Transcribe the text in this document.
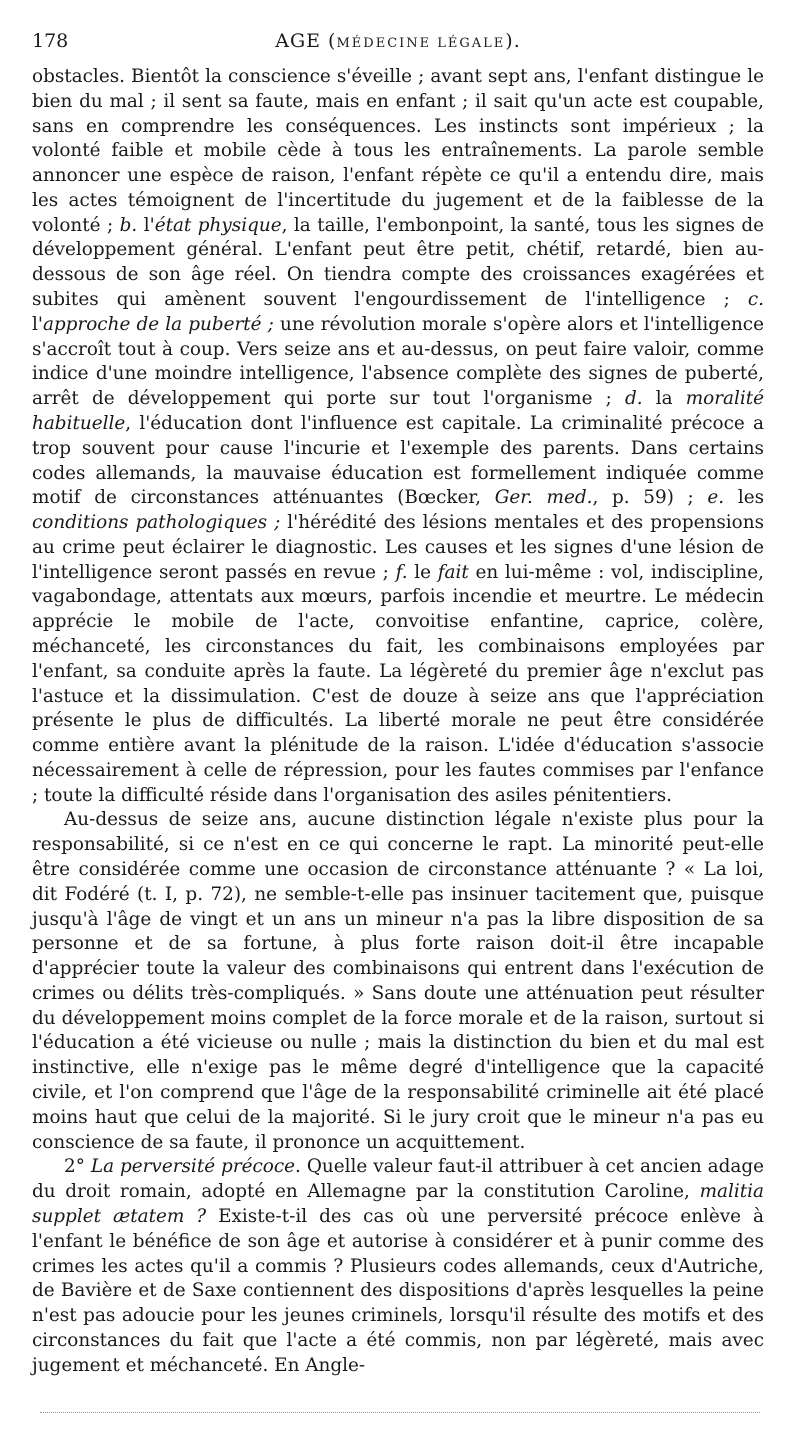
178	AGE (MÉDECINE LÉGALE).

obstacles. Bientôt la conscience s'éveille ; avant sept ans, l'enfant distingue le bien du mal ; il sent sa faute, mais en enfant ; il sait qu'un acte est coupable, sans en comprendre les conséquences. Les instincts sont impérieux ; la volonté faible et mobile cède à tous les entraînements. La parole semble annoncer une espèce de raison, l'enfant répète ce qu'il a entendu dire, mais les actes témoignent de l'incertitude du jugement et de la faiblesse de la volonté ; b. l'état physique, la taille, l'embonpoint, la santé, tous les signes de développement général. L'enfant peut être petit, chétif, retardé, bien au-dessous de son âge réel. On tiendra compte des croissances exagérées et subites qui amènent souvent l'engourdissement de l'intelligence ; c. l'approche de la puberté ; une révolution morale s'opère alors et l'intelligence s'accroît tout à coup. Vers seize ans et au-dessus, on peut faire valoir, comme indice d'une moindre intelligence, l'absence complète des signes de puberté, arrêt de développement qui porte sur tout l'organisme ; d. la moralité habituelle, l'éducation dont l'influence est capitale. La criminalité précoce a trop souvent pour cause l'incurie et l'exemple des parents. Dans certains codes allemands, la mauvaise éducation est formellement indiquée comme motif de circonstances atténuantes (Bœcker, Ger. med., p. 59) ; e. les conditions pathologiques ; l'hérédité des lésions mentales et des propensions au crime peut éclairer le diagnostic. Les causes et les signes d'une lésion de l'intelligence seront passés en revue ; f. le fait en lui-même : vol, indiscipline, vagabondage, attentats aux mœurs, parfois incendie et meurtre. Le médecin apprécie le mobile de l'acte, convoitise enfantine, caprice, colère, méchanceté, les circonstances du fait, les combinaisons employées par l'enfant, sa conduite après la faute. La légèreté du premier âge n'exclut pas l'astuce et la dissimulation. C'est de douze à seize ans que l'appréciation présente le plus de difficultés. La liberté morale ne peut être considérée comme entière avant la plénitude de la raison. L'idée d'éducation s'associe nécessairement à celle de répression, pour les fautes commises par l'enfance ; toute la difficulté réside dans l'organisation des asiles pénitentiers.

Au-dessus de seize ans, aucune distinction légale n'existe plus pour la responsabilité, si ce n'est en ce qui concerne le rapt. La minorité peut-elle être considérée comme une occasion de circonstance atténuante ? « La loi, dit Fodéré (t. I, p. 72), ne semble-t-elle pas insinuer tacitement que, puisque jusqu'à l'âge de vingt et un ans un mineur n'a pas la libre disposition de sa personne et de sa fortune, à plus forte raison doit-il être incapable d'apprécier toute la valeur des combinaisons qui entrent dans l'exécution de crimes ou délits très-compliqués. » Sans doute une atténuation peut résulter du développement moins complet de la force morale et de la raison, surtout si l'éducation a été vicieuse ou nulle ; mais la distinction du bien et du mal est instinctive, elle n'exige pas le même degré d'intelligence que la capacité civile, et l'on comprend que l'âge de la responsabilité criminelle ait été placé moins haut que celui de la majorité. Si le jury croit que le mineur n'a pas eu conscience de sa faute, il prononce un acquittement.

2° La perversité précoce. Quelle valeur faut-il attribuer à cet ancien adage du droit romain, adopté en Allemagne par la constitution Caroline, malitia supplet ætatem ? Existe-t-il des cas où une perversité précoce enlève à l'enfant le bénéfice de son âge et autorise à considérer et à punir comme des crimes les actes qu'il a commis ? Plusieurs codes allemands, ceux d'Autriche, de Bavière et de Saxe contiennent des dispositions d'après lesquelles la peine n'est pas adoucie pour les jeunes criminels, lorsqu'il résulte des motifs et des circonstances du fait que l'acte a été commis, non par légèreté, mais avec jugement et méchanceté. En Angle-
